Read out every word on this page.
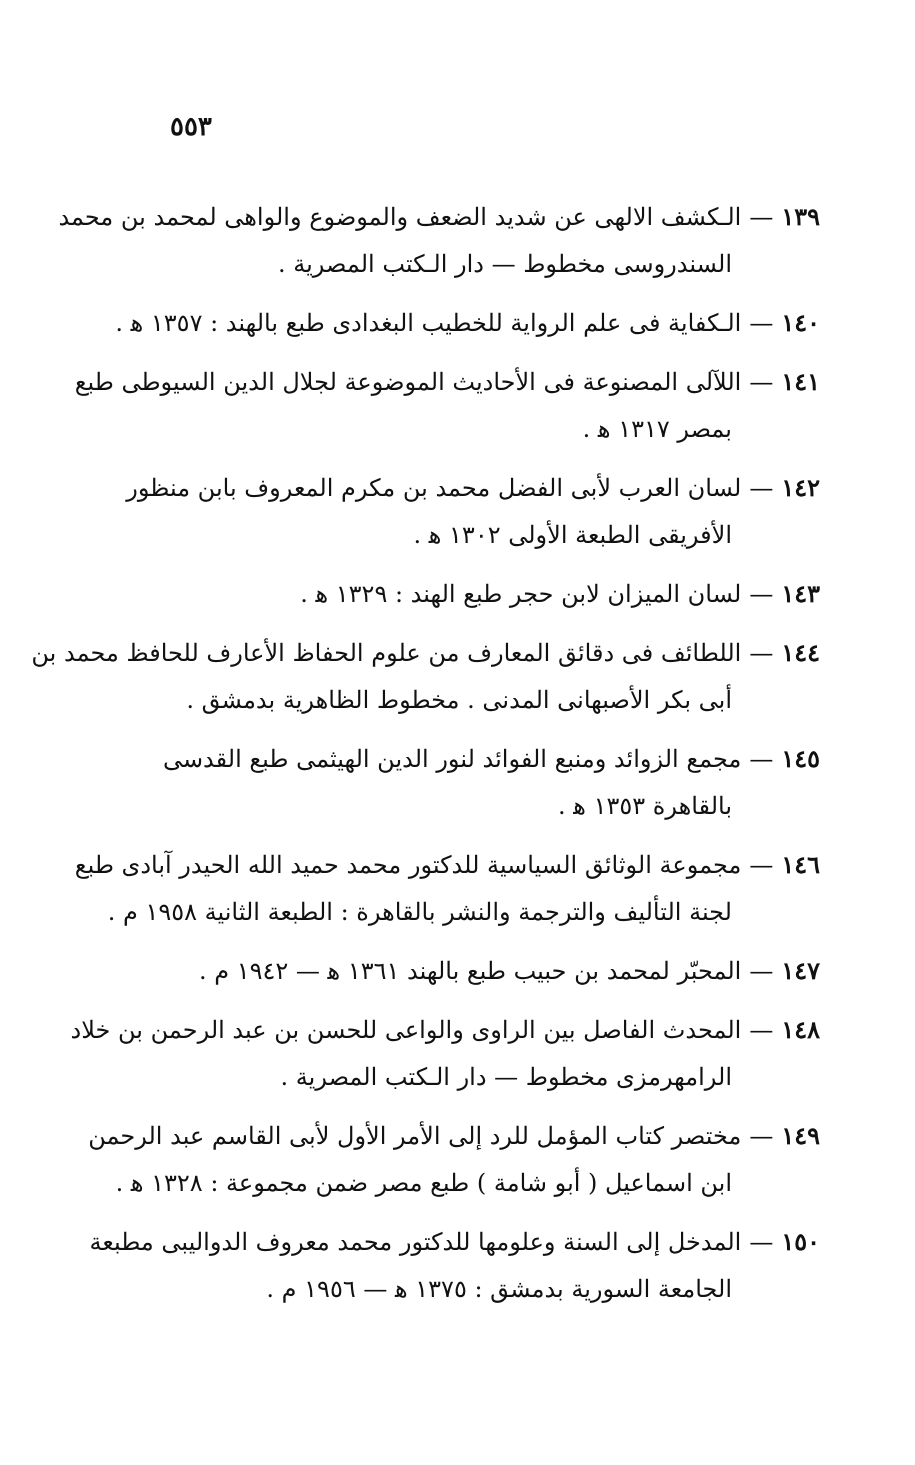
٥٥٣
١٣٩—الـكشف الالهى عن شديد الضعف والموضوع والواهى لمحمد بن محمد
السندروسى مخطوط — دار الـكتب المصرية .
١٤٠—الـكفاية فى علم الرواية للخطيب البغدادى طبع بالهند : ١٣٥٧ ﻫ .
١٤١—اللآلى المصنوعة فى الأحاديث الموضوعة لجلال الدين السيوطى طبع
بمصر ١٣١٧ ﻫ .
١٤٢—لسان العرب لأبى الفضل محمد بن مكرم المعروف بابن منظور
الأفريقى الطبعة الأولى ١٣٠٢ ﻫ .
١٤٣—لسان الميزان لابن حجر طبع الهند : ١٣٢٩ ﻫ .
١٤٤—اللطائف فى دقائق المعارف من علوم الحفاظ الأعارف للحافظ محمد بن
أبى بكر الأصبهانى المدنى . مخطوط الظاهرية بدمشق .
١٤٥—مجمع الزوائد ومنبع الفوائد لنور الدين الهيثمى طبع القدسى
بالقاهرة ١٣٥٣ ﻫ .
١٤٦—مجموعة الوثائق السياسية للدكتور محمد حميد الله الحيدر آبادى طبع
لجنة التأليف والترجمة والنشر بالقاهرة : الطبعة الثانية ١٩٥٨ م .
١٤٧—المحبّر لمحمد بن حبيب طبع بالهند ١٣٦١ ﻫ — ١٩٤٢ م .
١٤٨—المحدث الفاصل بين الراوى والواعى للحسن بن عبد الرحمن بن خلاد
الرامهرمزى مخطوط — دار الـكتب المصرية .
١٤٩—مختصر كتاب المؤمل للرد إلى الأمر الأول لأبى القاسم عبد الرحمن
ابن اسماعيل ( أبو شامة ) طبع مصر ضمن مجموعة : ١٣٢٨ ﻫ .
١٥٠—المدخل إلى السنة وعلومها للدكتور محمد معروف الدواليبى مطبعة
الجامعة السورية بدمشق : ١٣٧٥ ﻫ — ١٩٥٦ م .
